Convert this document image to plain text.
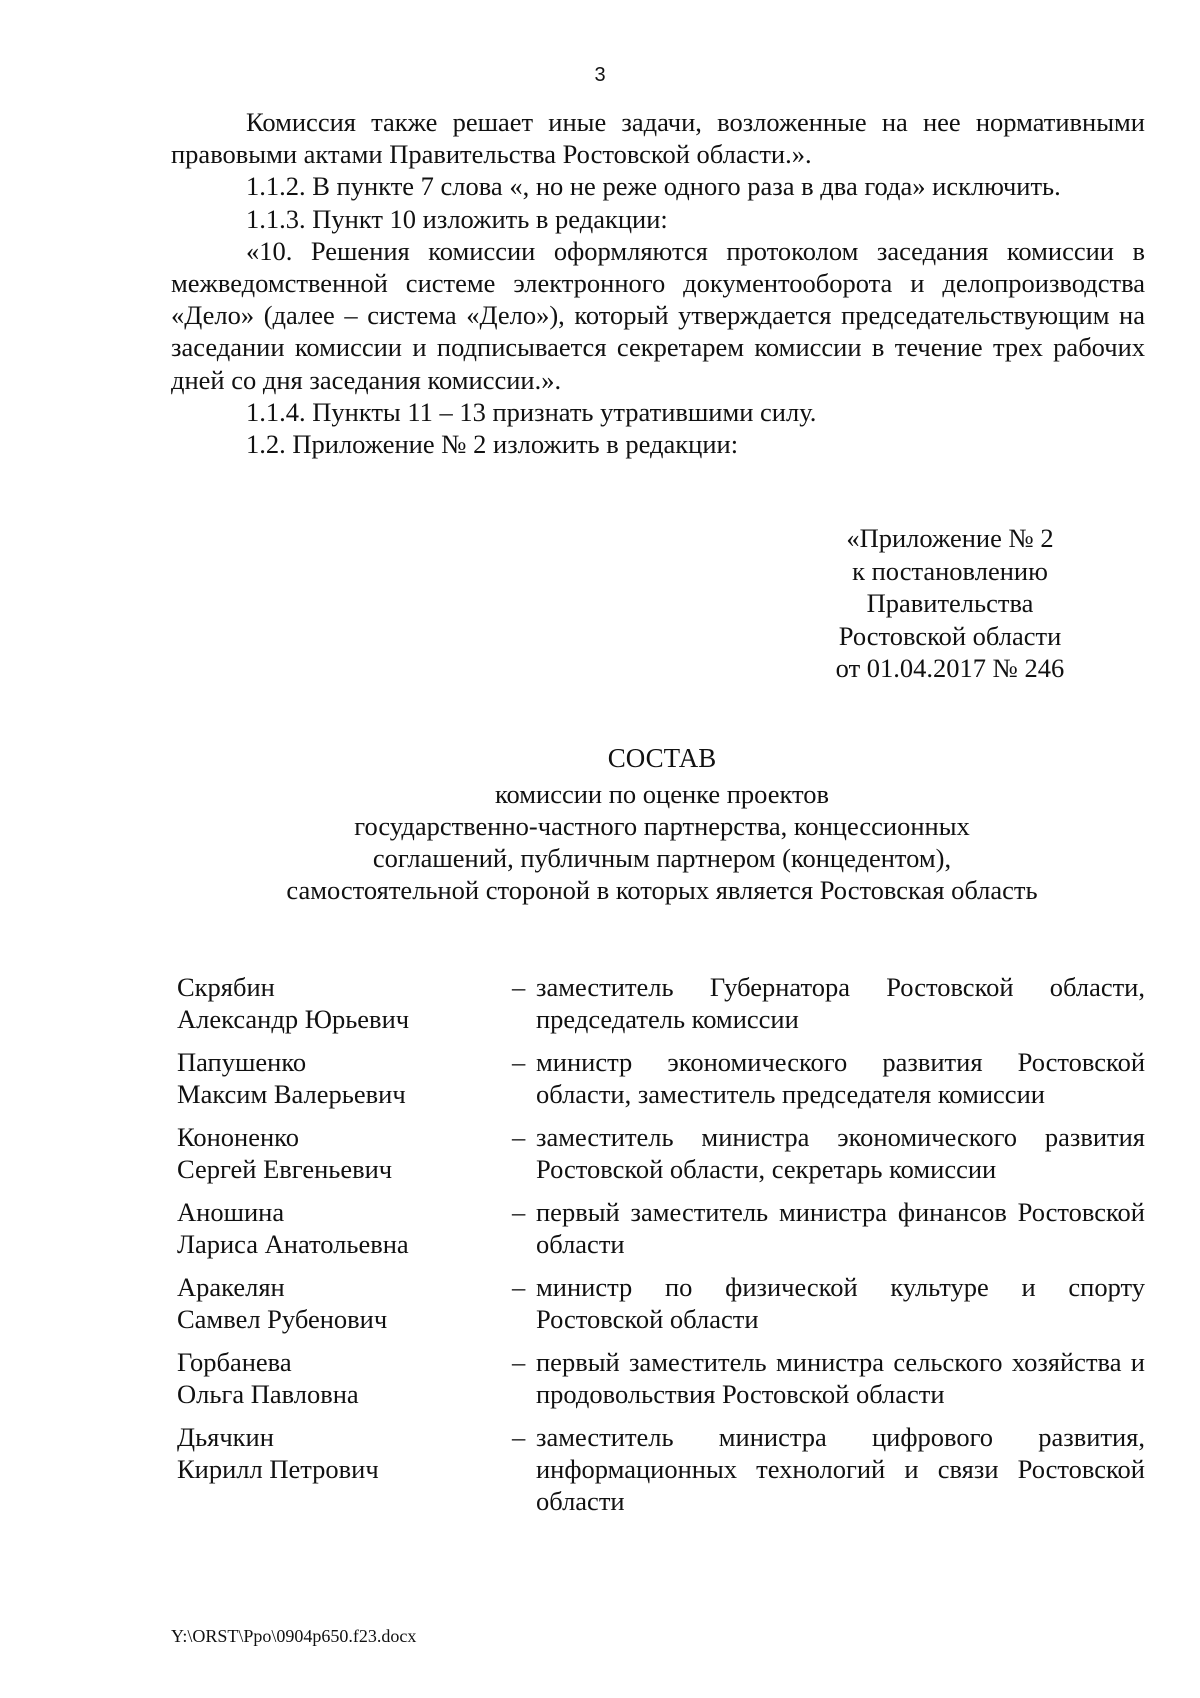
3

Комиссия также решает иные задачи, возложенные на нее нормативными правовыми актами Правительства Ростовской области.».

1.1.2. В пункте 7 слова «, но не реже одного раза в два года» исключить.

1.1.3. Пункт 10 изложить в редакции:

«10. Решения комиссии оформляются протоколом заседания комиссии в межведомственной системе электронного документооборота и делопроизводства «Дело» (далее – система «Дело»), который утверждается председательствующим на заседании комиссии и подписывается секретарем комиссии в течение трех рабочих дней со дня заседания комиссии.».

1.1.4. Пункты 11 – 13 признать утратившими силу.

1.2. Приложение № 2 изложить в редакции:

«Приложение № 2
к постановлению
Правительства
Ростовской области
от 01.04.2017 № 246
СОСТАВ
комиссии по оценке проектов
государственно-частного партнерства, концессионных
соглашений, публичным партнером (концедентом),
самостоятельной стороной в которых является Ростовская область
Скрябин
Александр Юрьевич
– заместитель Губернатора Ростовской области, председатель комиссии
Папушенко
Максим Валерьевич
– министр экономического развития Ростовской области, заместитель председателя комиссии
Кононенко
Сергей Евгеньевич
– заместитель министра экономического развития Ростовской области, секретарь комиссии
Аношина
Лариса Анатольевна
– первый заместитель министра финансов Ростовской области
Аракелян
Самвел Рубенович
– министр по физической культуре и спорту Ростовской области
Горбанева
Ольга Павловна
– первый заместитель министра сельского хозяйства и продовольствия Ростовской области
Дьячкин
Кирилл Петрович
– заместитель министра цифрового развития, информационных технологий и связи Ростовской области
Y:\ORST\Ppo\0904p650.f23.docx
